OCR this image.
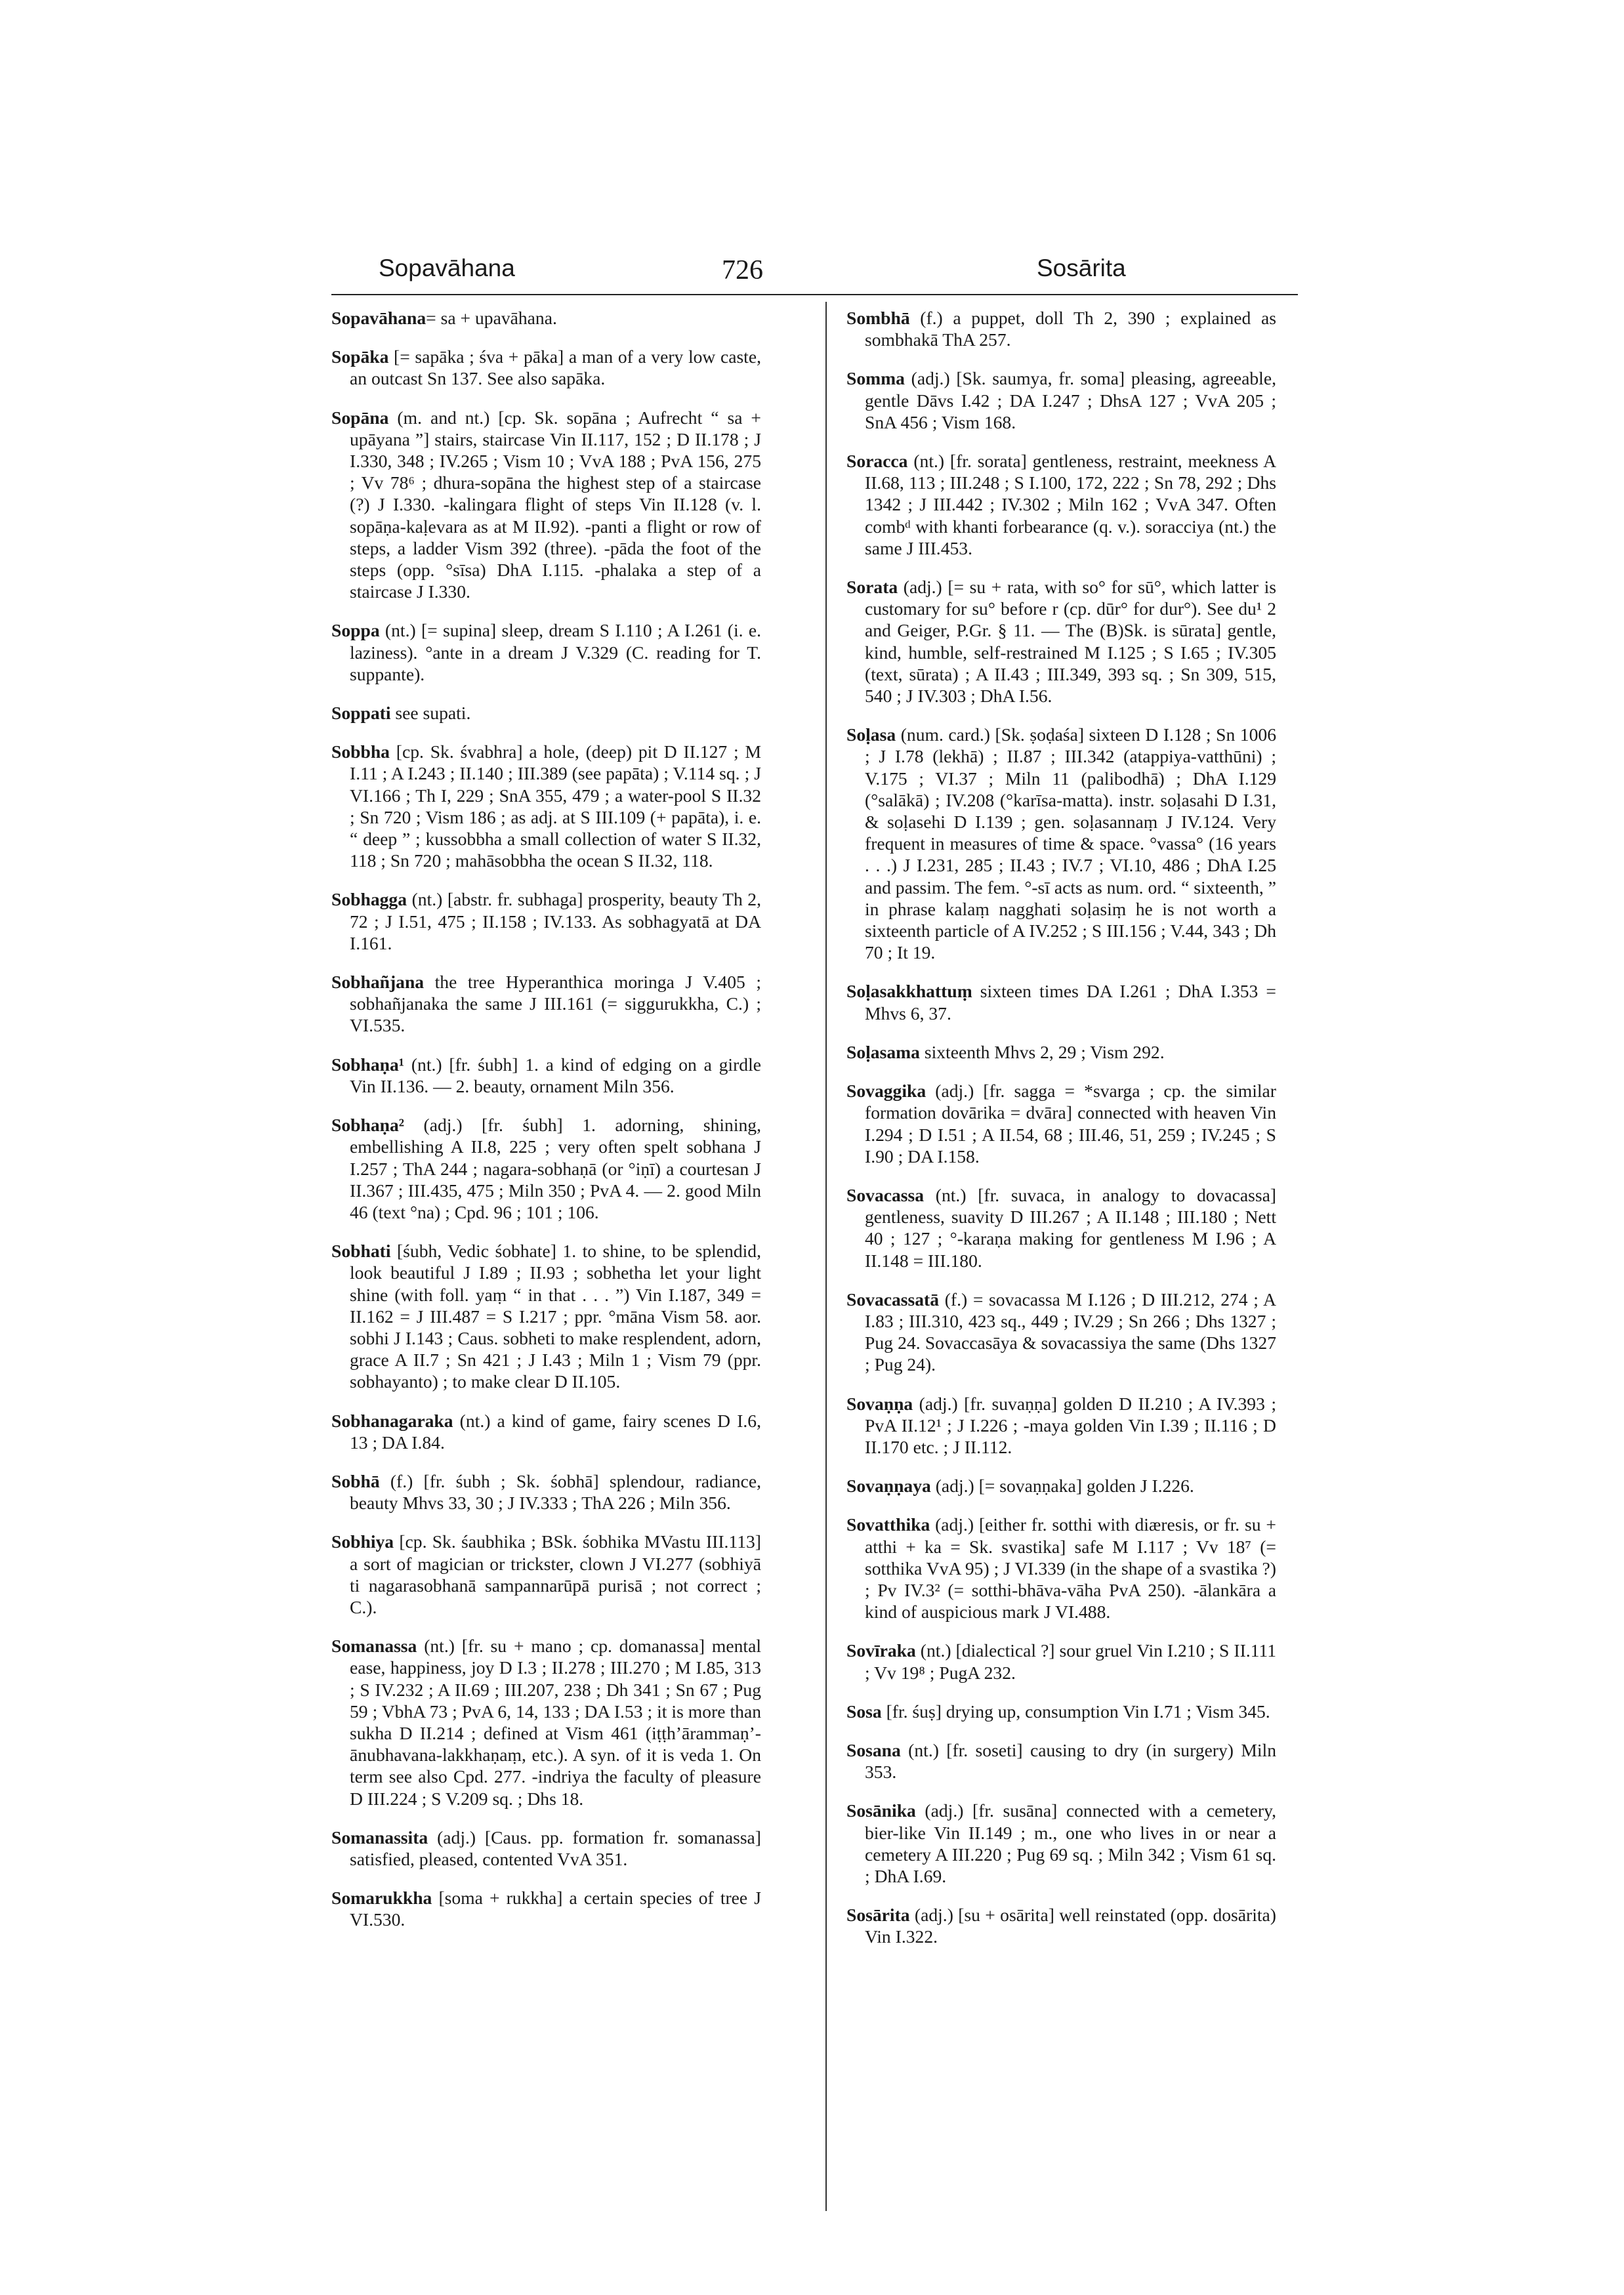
Sopavāhana	726	Sosārita

Sopavāhana= sa + upavāhana.

Sopāka [= sapāka ; śva + pāka] a man of a very low caste, an outcast Sn 137. See also sapāka.

Sopāna (m. and nt.) [cp. Sk. sopāna ; Aufrecht “ sa + upāyana ”] stairs, staircase Vin II.117, 152 ; D II.178 ; J I.330, 348 ; IV.265 ; Vism 10 ; VvA 188 ; PvA 156, 275 ; Vv 78⁶ ; dhura-sopāna the highest step of a staircase (?) J I.330. -kalingara flight of steps Vin II.128 (v. l. sopāṇa-kaḷevara as at M II.92). -panti a flight or row of steps, a ladder Vism 392 (three). -pāda the foot of the steps (opp. °sīsa) DhA I.115. -phalaka a step of a staircase J I.330.

Soppa (nt.) [= supina] sleep, dream S I.110 ; A I.261 (i. e. laziness). °ante in a dream J V.329 (C. reading for T. suppante).

Soppati see supati.

Sobbha [cp. Sk. śvabhra] a hole, (deep) pit D II.127 ; M I.11 ; A I.243 ; II.140 ; III.389 (see papāta) ; V.114 sq. ; J VI.166 ; Th I, 229 ; SnA 355, 479 ; a water-pool S II.32 ; Sn 720 ; Vism 186 ; as adj. at S III.109 (+ papāta), i. e. “ deep ” ; kussobbha a small collection of water S II.32, 118 ; Sn 720 ; mahāsobbha the ocean S II.32, 118.

Sobhagga (nt.) [abstr. fr. subhaga] prosperity, beauty Th 2, 72 ; J I.51, 475 ; II.158 ; IV.133. As sobhagyatā at DA I.161.

Sobhañjana the tree Hyperanthica moringa J V.405 ; sobhañjanaka the same J III.161 (= siggurukkha, C.) ; VI.535.

Sobhaṇa¹ (nt.) [fr. śubh] 1. a kind of edging on a girdle Vin II.136. — 2. beauty, ornament Miln 356.

Sobhaṇa² (adj.) [fr. śubh] 1. adorning, shining, embellishing A II.8, 225 ; very often spelt sobhana J I.257 ; ThA 244 ; nagara-sobhaṇā (or °iṇī) a courtesan J II.367 ; III.435, 475 ; Miln 350 ; PvA 4. — 2. good Miln 46 (text °na) ; Cpd. 96 ; 101 ; 106.

Sobhati [śubh, Vedic śobhate] 1. to shine, to be splendid, look beautiful J I.89 ; II.93 ; sobhetha let your light shine (with foll. yaṃ “ in that . . . ”) Vin I.187, 349 = II.162 = J III.487 = S I.217 ; ppr. °māna Vism 58. aor. sobhi J I.143 ; Caus. sobheti to make resplendent, adorn, grace A II.7 ; Sn 421 ; J I.43 ; Miln 1 ; Vism 79 (ppr. sobhayanto) ; to make clear D II.105.

Sobhanagaraka (nt.) a kind of game, fairy scenes D I.6, 13 ; DA I.84.

Sobhā (f.) [fr. śubh ; Sk. śobhā] splendour, radiance, beauty Mhvs 33, 30 ; J IV.333 ; ThA 226 ; Miln 356.

Sobhiya [cp. Sk. śaubhika ; BSk. śobhika MVastu III.113] a sort of magician or trickster, clown J VI.277 (sobhiyā ti nagarasobhanā sampannarūpā purisā ; not correct ; C.).

Somanassa (nt.) [fr. su + mano ; cp. domanassa] mental ease, happiness, joy D I.3 ; II.278 ; III.270 ; M I.85, 313 ; S IV.232 ; A II.69 ; III.207, 238 ; Dh 341 ; Sn 67 ; Pug 59 ; VbhA 73 ; PvA 6, 14, 133 ; DA I.53 ; it is more than sukha D II.214 ; defined at Vism 461 (iṭṭh’ārammaṇ’-ānubhavana-lakkhaṇaṃ, etc.). A syn. of it is veda 1. On term see also Cpd. 277. -indriya the faculty of pleasure D III.224 ; S V.209 sq. ; Dhs 18.

Somanassita (adj.) [Caus. pp. formation fr. somanassa] satisfied, pleased, contented VvA 351.

Somarukkha [soma + rukkha] a certain species of tree J VI.530.

Sombhā (f.) a puppet, doll Th 2, 390 ; explained as sombhakā ThA 257.

Somma (adj.) [Sk. saumya, fr. soma] pleasing, agreeable, gentle Dāvs I.42 ; DA I.247 ; DhsA 127 ; VvA 205 ; SnA 456 ; Vism 168.

Soracca (nt.) [fr. sorata] gentleness, restraint, meekness A II.68, 113 ; III.248 ; S I.100, 172, 222 ; Sn 78, 292 ; Dhs 1342 ; J III.442 ; IV.302 ; Miln 162 ; VvA 347. Often combᵈ with khanti forbearance (q. v.). soracciya (nt.) the same J III.453.

Sorata (adj.) [= su + rata, with so° for sū°, which latter is customary for su° before r (cp. dūr° for dur°). See du¹ 2 and Geiger, P.Gr. § 11. — The (B)Sk. is sūrata] gentle, kind, humble, self-restrained M I.125 ; S I.65 ; IV.305 (text, sūrata) ; A II.43 ; III.349, 393 sq. ; Sn 309, 515, 540 ; J IV.303 ; DhA I.56.

Soḷasa (num. card.) [Sk. ṣoḍaśa] sixteen D I.128 ; Sn 1006 ; J I.78 (lekhā) ; II.87 ; III.342 (atappiya-vatthūni) ; V.175 ; VI.37 ; Miln 11 (palibodhā) ; DhA I.129 (°salākā) ; IV.208 (°karīsa-matta). instr. soḷasahi D I.31, & soḷasehi D I.139 ; gen. soḷasannaṃ J IV.124. Very frequent in measures of time & space. °vassa° (16 years . . .) J I.231, 285 ; II.43 ; IV.7 ; VI.10, 486 ; DhA I.25 and passim. The fem. °-sī acts as num. ord. “ sixteenth, ” in phrase kalaṃ nagghati soḷasiṃ he is not worth a sixteenth particle of A IV.252 ; S III.156 ; V.44, 343 ; Dh 70 ; It 19.

Soḷasakkhattuṃ sixteen times DA I.261 ; DhA I.353 = Mhvs 6, 37.

Soḷasama sixteenth Mhvs 2, 29 ; Vism 292.

Sovaggika (adj.) [fr. sagga = *svarga ; cp. the similar formation dovārika = dvāra] connected with heaven Vin I.294 ; D I.51 ; A II.54, 68 ; III.46, 51, 259 ; IV.245 ; S I.90 ; DA I.158.

Sovacassa (nt.) [fr. suvaca, in analogy to dovacassa] gentleness, suavity D III.267 ; A II.148 ; III.180 ; Nett 40 ; 127 ; °-karaṇa making for gentleness M I.96 ; A II.148 = III.180.

Sovacassatā (f.) = sovacassa M I.126 ; D III.212, 274 ; A I.83 ; III.310, 423 sq., 449 ; IV.29 ; Sn 266 ; Dhs 1327 ; Pug 24. Sovaccasāya & sovacassiya the same (Dhs 1327 ; Pug 24).

Sovaṇṇa (adj.) [fr. suvaṇṇa] golden D II.210 ; A IV.393 ; PvA II.12¹ ; J I.226 ; -maya golden Vin I.39 ; II.116 ; D II.170 etc. ; J II.112.

Sovaṇṇaya (adj.) [= sovaṇṇaka] golden J I.226.

Sovatthika (adj.) [either fr. sotthi with diæresis, or fr. su + atthi + ka = Sk. svastika] safe M I.117 ; Vv 18⁷ (= sotthika VvA 95) ; J VI.339 (in the shape of a svastika ?) ; Pv IV.3² (= sotthi-bhāva-vāha PvA 250). -ālankāra a kind of auspicious mark J VI.488.

Sovīraka (nt.) [dialectical ?] sour gruel Vin I.210 ; S II.111 ; Vv 19⁸ ; PugA 232.

Sosa [fr. śuṣ] drying up, consumption Vin I.71 ; Vism 345.

Sosana (nt.) [fr. soseti] causing to dry (in surgery) Miln 353.

Sosānika (adj.) [fr. susāna] connected with a cemetery, bier-like Vin II.149 ; m., one who lives in or near a cemetery A III.220 ; Pug 69 sq. ; Miln 342 ; Vism 61 sq. ; DhA I.69.

Sosārita (adj.) [su + osārita] well reinstated (opp. dosārita) Vin I.322.
